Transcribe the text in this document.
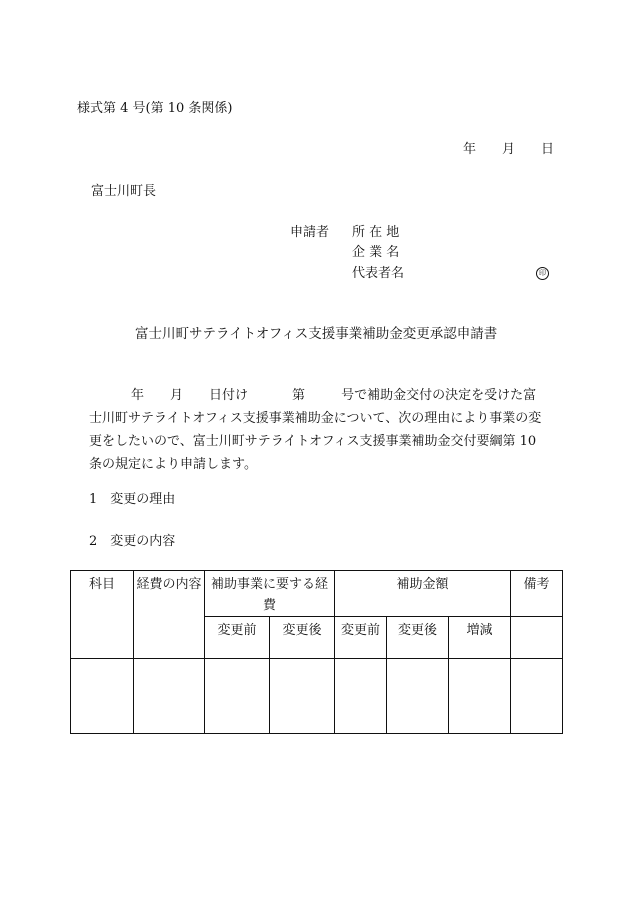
様式第 4 号(第 10 条関係)
年 月 日
富士川町長
申請者 所 在 地
企 業 名
代表者名	印
富士川町サテライトオフィス支援事業補助金変更承認申請書

年 月 日付け	第	号で補助金交付の決定を受けた富

士川町サテライトオフィス支援事業補助金について、次の理由により事業の変

更をしたいので、富士川町サテライトオフィス支援事業補助金交付要綱第 10

条の規定により申請します。

1　変更の理由
2　変更の内容
科目	経費の内容	補助事業に要する経費		補助金額			備考
		変更前	変更後	変更前	変更後	増減	
